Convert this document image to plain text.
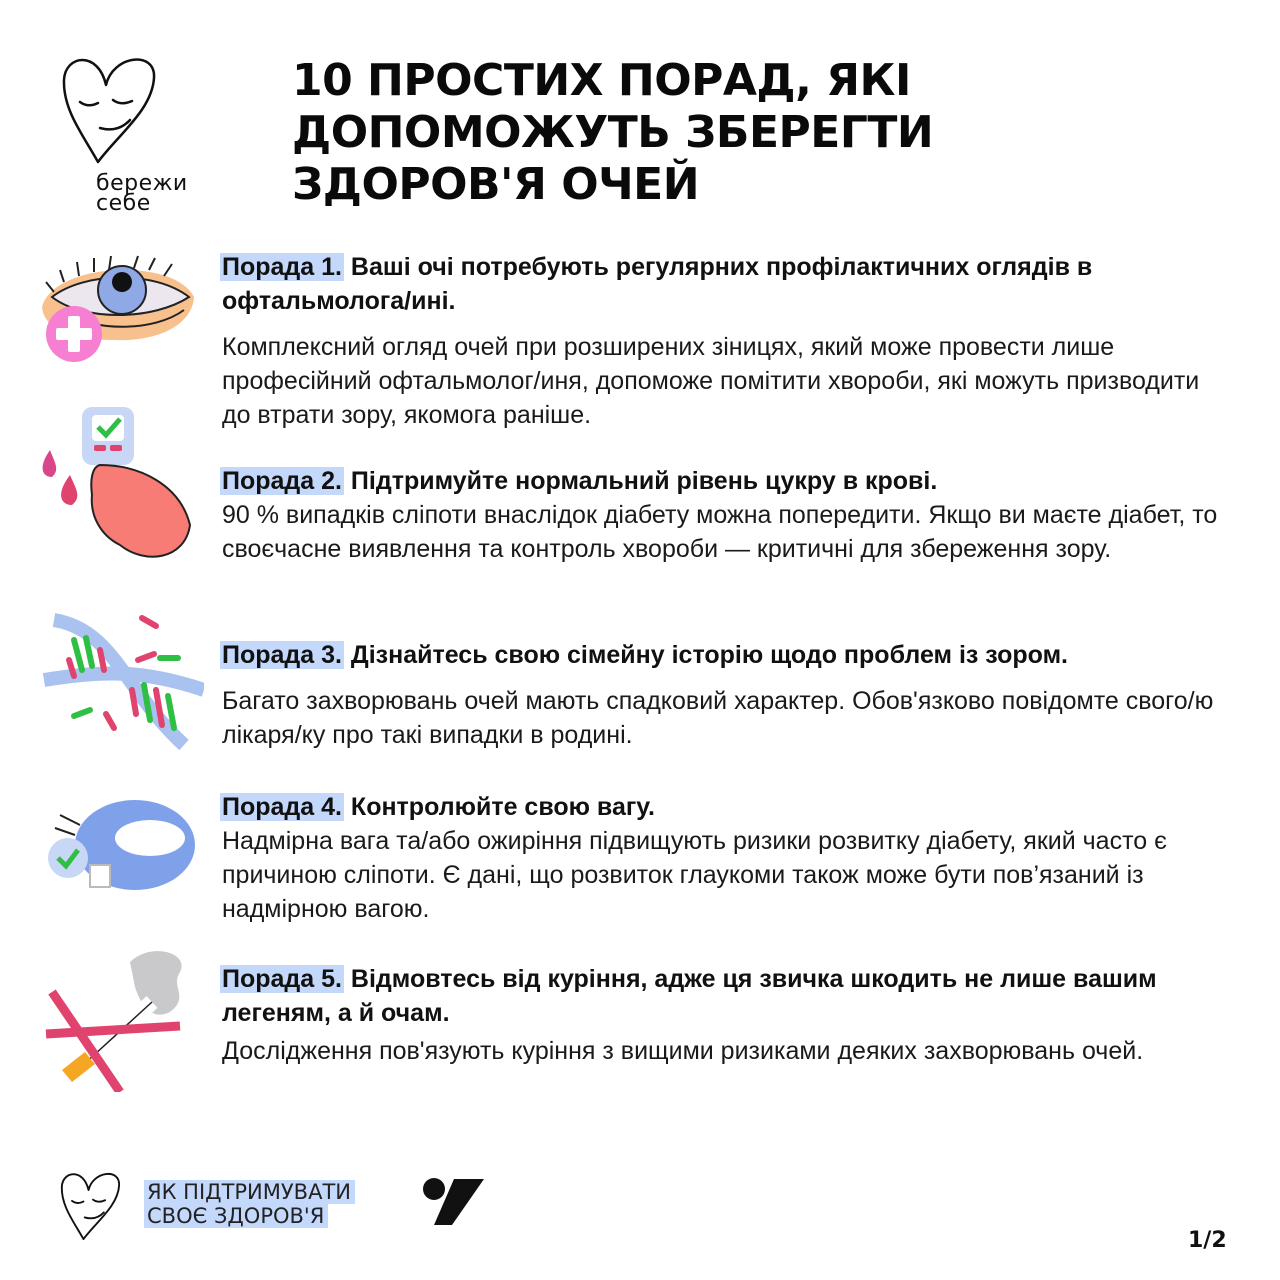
бережи
себе
10 ПРОСТИХ ПОРАД, ЯКІ ДОПОМОЖУТЬ ЗБЕРЕГТИ ЗДОРОВ'Я ОЧЕЙ
Порада 1. Ваші очі потребують регулярних профілактичних оглядів в офтальмолога/ині.
Комплексний огляд очей при розширених зіницях, який може провести лише професійний офтальмолог/иня, допоможе помітити хвороби, які можуть призводити до втрати зору, якомога раніше.
Порада 2. Підтримуйте нормальний рівень цукру в крові.
90 % випадків сліпоти внаслідок діабету можна попередити. Якщо ви маєте діабет, то своєчасне виявлення та контроль хвороби — критичні для збереження зору.
Порада 3. Дізнайтесь свою сімейну історію щодо проблем із зором.
Багато захворювань очей мають спадковий характер. Обов'язково повідомте свого/ю лікаря/ку про такі випадки в родині.
Порада 4. Контролюйте свою вагу.
Надмірна вага та/або ожиріння підвищують ризики розвитку діабету, який часто є причиною сліпоти. Є дані, що розвиток глаукоми також може бути пов’язаний із надмірною вагою.
Порада 5. Відмовтесь від куріння, адже ця звичка шкодить не лише вашим легеням, а й очам.
Дослідження пов'язують куріння з вищими ризиками деяких захворювань очей.
ЯК ПІДТРИМУВАТИ
СВОЄ ЗДОРОВ'Я
1/2
